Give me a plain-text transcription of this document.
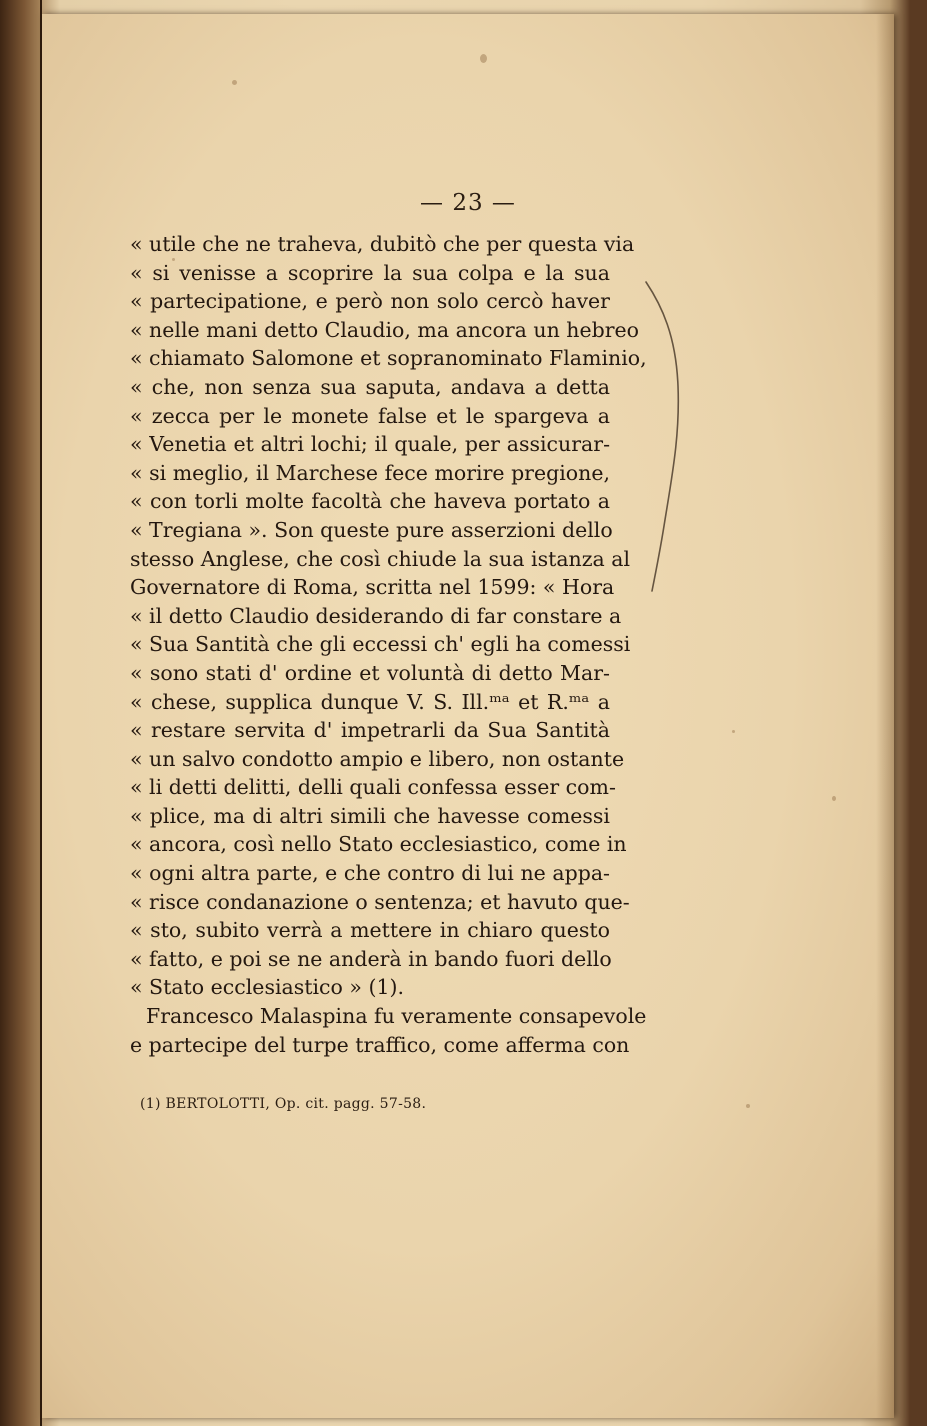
— 23 —
« utile che ne traheva, dubitò che per questa via
« si venisse a scoprire la sua colpa e la sua
« partecipatione, e però non solo cercò haver
« nelle mani detto Claudio, ma ancora un hebreo
« chiamato Salomone et sopranominato Flaminio,
« che, non senza sua saputa, andava a detta
« zecca per le monete false et le spargeva a
« Venetia et altri lochi; il quale, per assicurar-
« si meglio, il Marchese fece morire pregione,
« con torli molte facoltà che haveva portato a
« Tregiana ». Son queste pure asserzioni dello
stesso Anglese, che così chiude la sua istanza al
Governatore di Roma, scritta nel 1599: « Hora
« il detto Claudio desiderando di far constare a
« Sua Santità che gli eccessi ch' egli ha comessi
« sono stati d' ordine et voluntà di detto Mar-
« chese, supplica dunque V. S. Ill.ᵐᵃ et R.ᵐᵃ a
« restare servita d' impetrarli da Sua Santità
« un salvo condotto ampio e libero, non ostante
« li detti delitti, delli quali confessa esser com-
« plice, ma di altri simili che havesse comessi
« ancora, così nello Stato ecclesiastico, come in
« ogni altra parte, e che contro di lui ne appa-
« risce condanazione o sentenza; et havuto que-
« sto, subito verrà a mettere in chiaro questo
« fatto, e poi se ne anderà in bando fuori dello
« Stato ecclesiastico » (1).
Francesco Malaspina fu veramente consapevole
e partecipe del turpe traffico, come afferma con
(1) BERTOLOTTI, Op. cit. pagg. 57-58.
